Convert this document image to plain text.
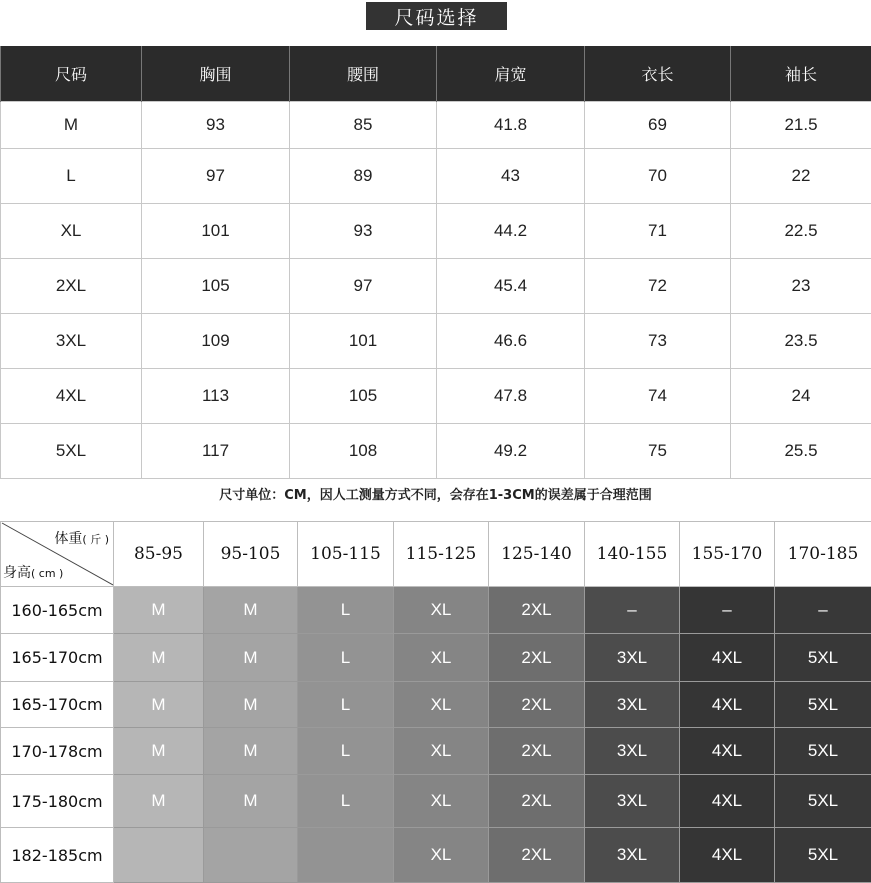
尺码选择
尺码	胸围	腰围	肩宽	衣长	袖长
M	93	85	41.8	69	21.5
L	97	89	43	70	22
XL	101	93	44.2	71	22.5
2XL	105	97	45.4	72	23
3XL	109	101	46.6	73	23.5
4XL	113	105	47.8	74	24
5XL	117	108	49.2	75	25.5
尺寸单位：CM，因人工测量方式不同，会存在1-3CM的误差属于合理范围
体重( 斤 )
身高( cm )	85-95	95-105	105-115	115-125	125-140	140-155	155-170	170-185
160-165cm	M	M	L	XL	2XL	–	–	–
165-170cm	M	M	L	XL	2XL	3XL	4XL	5XL
165-170cm	M	M	L	XL	2XL	3XL	4XL	5XL
170-178cm	M	M	L	XL	2XL	3XL	4XL	5XL
175-180cm	M	M	L	XL	2XL	3XL	4XL	5XL
182-185cm				XL	2XL	3XL	4XL	5XL
